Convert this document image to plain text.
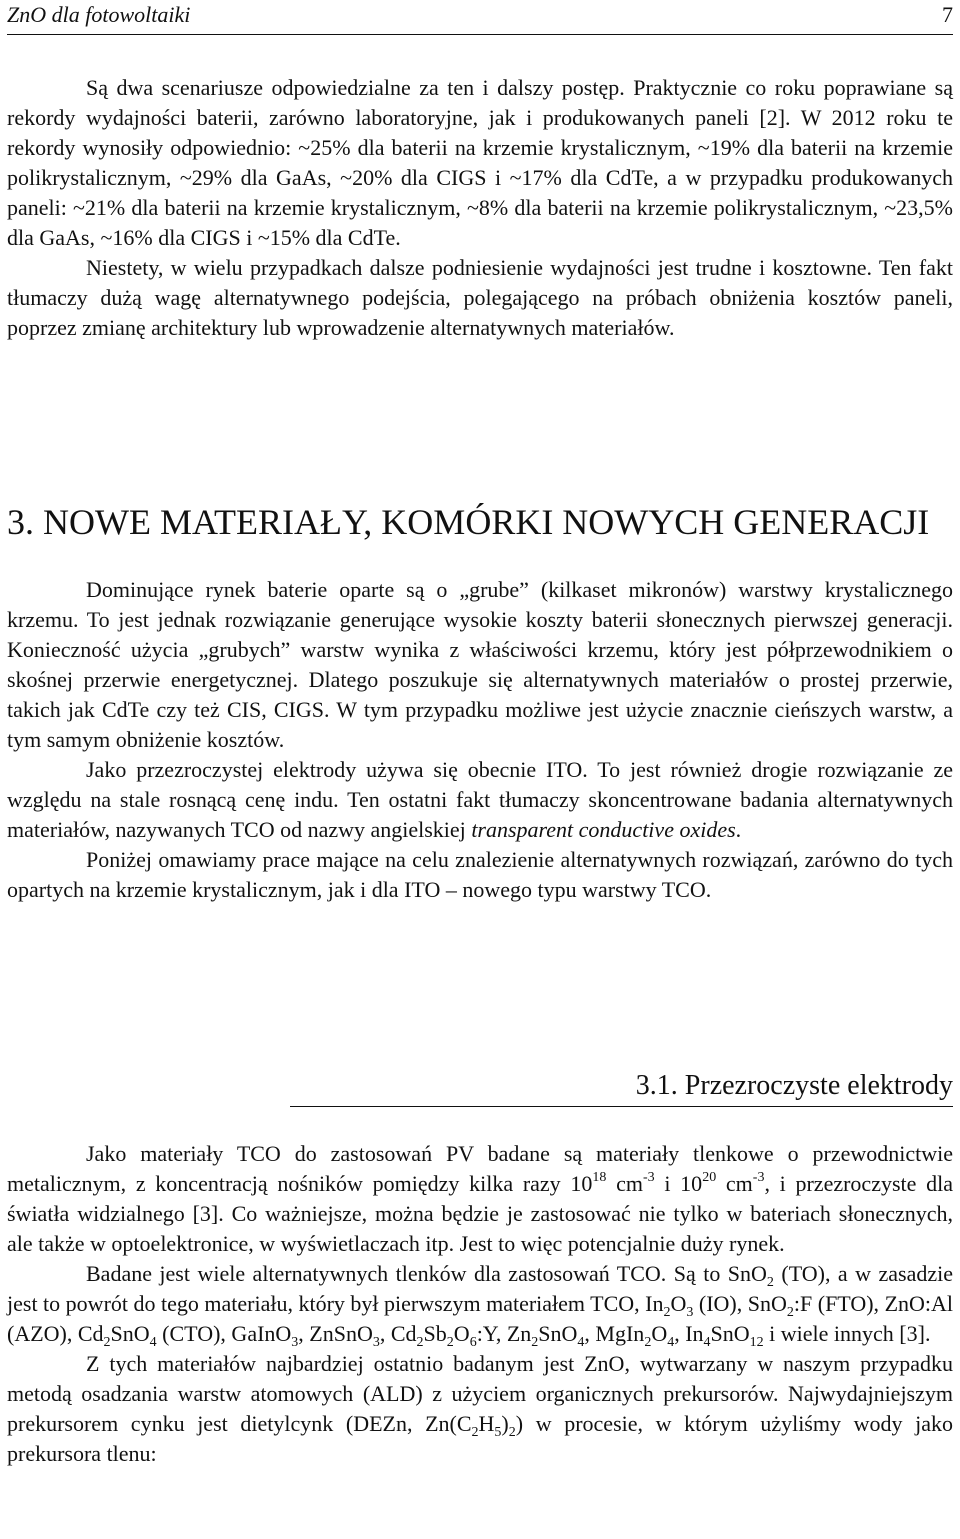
ZnO dla fotowoltaiki	7

Są dwa scenariusze odpowiedzialne za ten i dalszy postęp. Praktycznie co roku poprawiane są rekordy wydajności baterii, zarówno laboratoryjne, jak i produkowanych paneli [2]. W 2012 roku te rekordy wynosiły odpowiednio: ~25% dla baterii na krzemie krystalicznym, ~19% dla baterii na krzemie polikrystalicznym, ~29% dla GaAs, ~20% dla CIGS i ~17% dla CdTe, a w przypadku produkowanych paneli: ~21% dla baterii na krzemie krystalicznym, ~8% dla baterii na krzemie polikrystalicznym, ~23,5% dla GaAs, ~16% dla CIGS i ~15% dla CdTe.

Niestety, w wielu przypadkach dalsze podniesienie wydajności jest trudne i kosztowne. Ten fakt tłumaczy dużą wagę alternatywnego podejścia, polegającego na próbach obniżenia kosztów paneli, poprzez zmianę architektury lub wprowadzenie alternatywnych materiałów.

3. NOWE MATERIAŁY, KOMÓRKI NOWYCH GENERACJI

Dominujące rynek baterie oparte są o „grube” (kilkaset mikronów) warstwy krystalicznego krzemu. To jest jednak rozwiązanie generujące wysokie koszty baterii słonecznych pierwszej generacji. Konieczność użycia „grubych” warstw wynika z właściwości krzemu, który jest półprzewodnikiem o skośnej przerwie energetycznej. Dlatego poszukuje się alternatywnych materiałów o prostej przerwie, takich jak CdTe czy też CIS, CIGS. W tym przypadku możliwe jest użycie znacznie cieńszych warstw, a tym samym obniżenie kosztów.

Jako przezroczystej elektrody używa się obecnie ITO. To jest również drogie rozwiązanie ze względu na stale rosnącą cenę indu. Ten ostatni fakt tłumaczy skoncentrowane badania alternatywnych materiałów, nazywanych TCO od nazwy angielskiej transparent conductive oxides.

Poniżej omawiamy prace mające na celu znalezienie alternatywnych rozwiązań, zarówno do tych opartych na krzemie krystalicznym, jak i dla ITO – nowego typu warstwy TCO.

3.1. Przezroczyste elektrody

Jako materiały TCO do zastosowań PV badane są materiały tlenkowe o przewodnictwie metalicznym, z koncentracją nośników pomiędzy kilka razy $10^{18}$ $cm^{-3}$ i $10^{20}$ $cm^{-3}$, i przezroczyste dla światła widzialnego [3]. Co ważniejsze, można będzie je zastosować nie tylko w bateriach słonecznych, ale także w optoelektronice, w wyświetlaczach itp. Jest to więc potencjalnie duży rynek.

Badane jest wiele alternatywnych tlenków dla zastosowań TCO. Są to SnO$_2$ (TO), a w zasadzie jest to powrót do tego materiału, który był pierwszym materiałem TCO, $In_2O_3$ (IO), SnO$_2$:F (FTO), ZnO:Al (AZO), $Cd_2SnO_4$ (CTO), GaInO$_3$, ZnSnO$_3$, $Cd_2Sb_2O_6:Y$, $Zn_2SnO_4$, $MgIn_2O_4$, $In_4SnO_{12}$ i wiele innych [3].

Z tych materiałów najbardziej ostatnio badanym jest ZnO, wytwarzany w naszym przypadku metodą osadzania warstw atomowych (ALD) z użyciem organicznych prekursorów. Najwydajniejszym prekursorem cynku jest dietylcynk (DEZn, $Zn(C_2H_5)_2$) w procesie, w którym użyliśmy wody jako prekursora tlenu:
